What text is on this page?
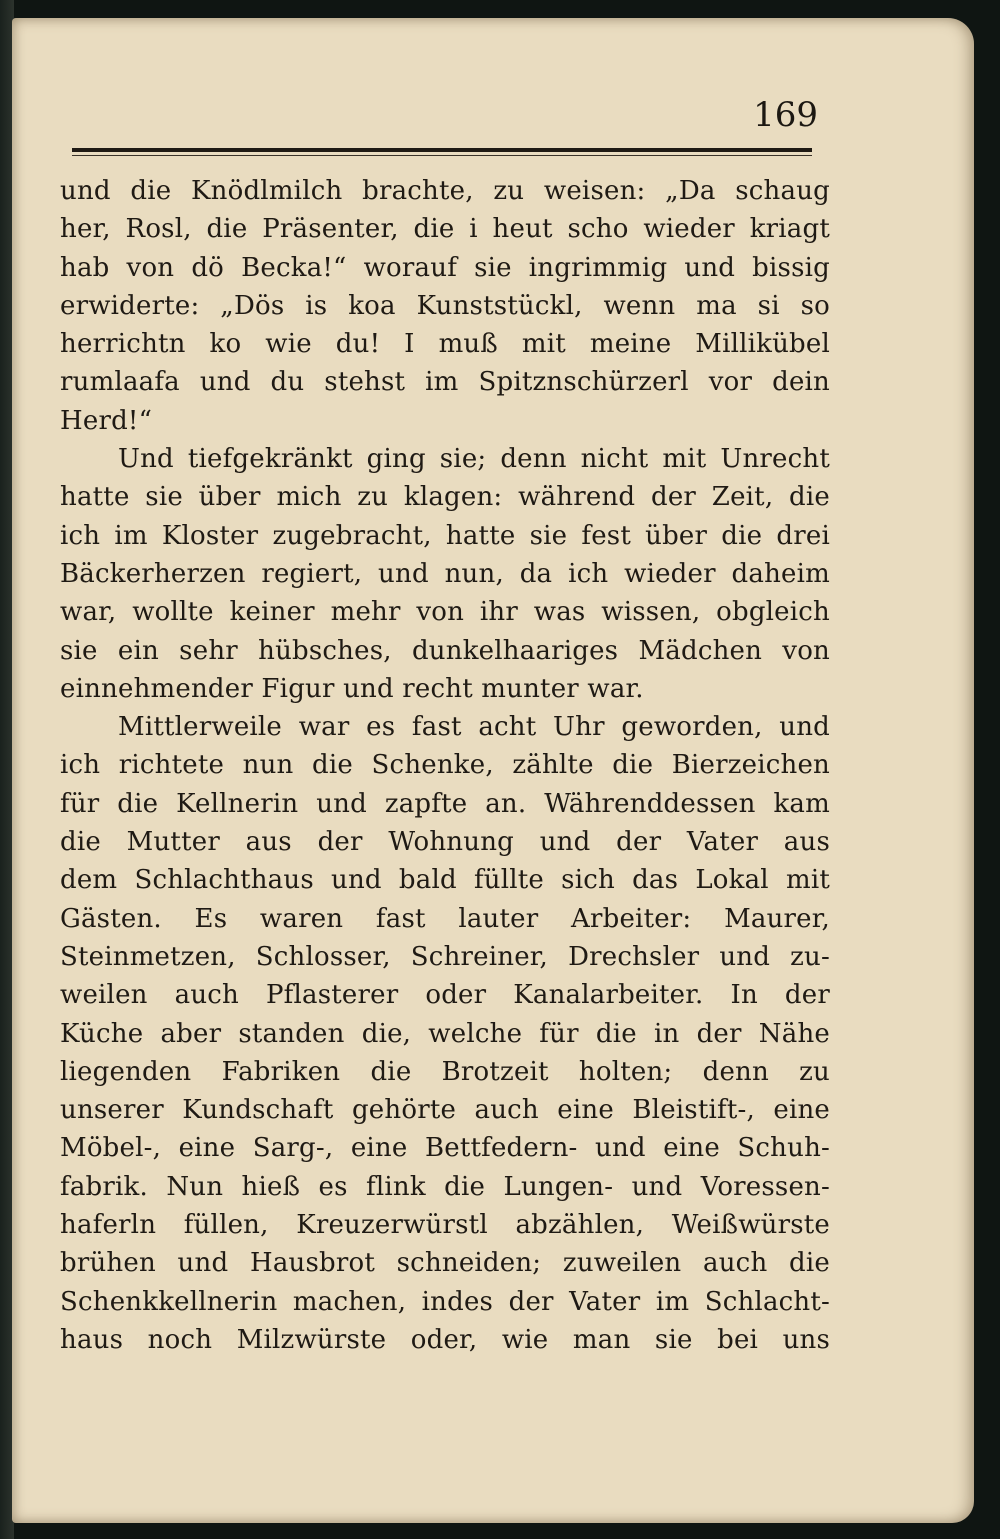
169
und die Knödlmilch brachte, zu weisen: „Da schaug
her, Rosl, die Präsenter, die i heut scho wieder kriagt
hab von dö Becka!“ worauf sie ingrimmig und bissig
erwiderte: „Dös is koa Kunststückl, wenn ma si so
herrichtn ko wie du! I muß mit meine Millikübel
rumlaafa und du stehst im Spitznschürzerl vor dein
Herd!“
Und tiefgekränkt ging sie; denn nicht mit Unrecht
hatte sie über mich zu klagen: während der Zeit, die
ich im Kloster zugebracht, hatte sie fest über die drei
Bäckerherzen regiert, und nun, da ich wieder daheim
war, wollte keiner mehr von ihr was wissen, obgleich
sie ein sehr hübsches, dunkelhaariges Mädchen von
einnehmender Figur und recht munter war.
Mittlerweile war es fast acht Uhr geworden, und
ich richtete nun die Schenke, zählte die Bierzeichen
für die Kellnerin und zapfte an. Währenddessen kam
die Mutter aus der Wohnung und der Vater aus
dem Schlachthaus und bald füllte sich das Lokal mit
Gästen. Es waren fast lauter Arbeiter: Maurer,
Steinmetzen, Schlosser, Schreiner, Drechsler und zu-
weilen auch Pflasterer oder Kanalarbeiter. In der
Küche aber standen die, welche für die in der Nähe
liegenden Fabriken die Brotzeit holten; denn zu
unserer Kundschaft gehörte auch eine Bleistift-, eine
Möbel-, eine Sarg-, eine Bettfedern- und eine Schuh-
fabrik. Nun hieß es flink die Lungen- und Voressen-
haferln füllen, Kreuzerwürstl abzählen, Weißwürste
brühen und Hausbrot schneiden; zuweilen auch die
Schenkkellnerin machen, indes der Vater im Schlacht-
haus noch Milzwürste oder, wie man sie bei uns
